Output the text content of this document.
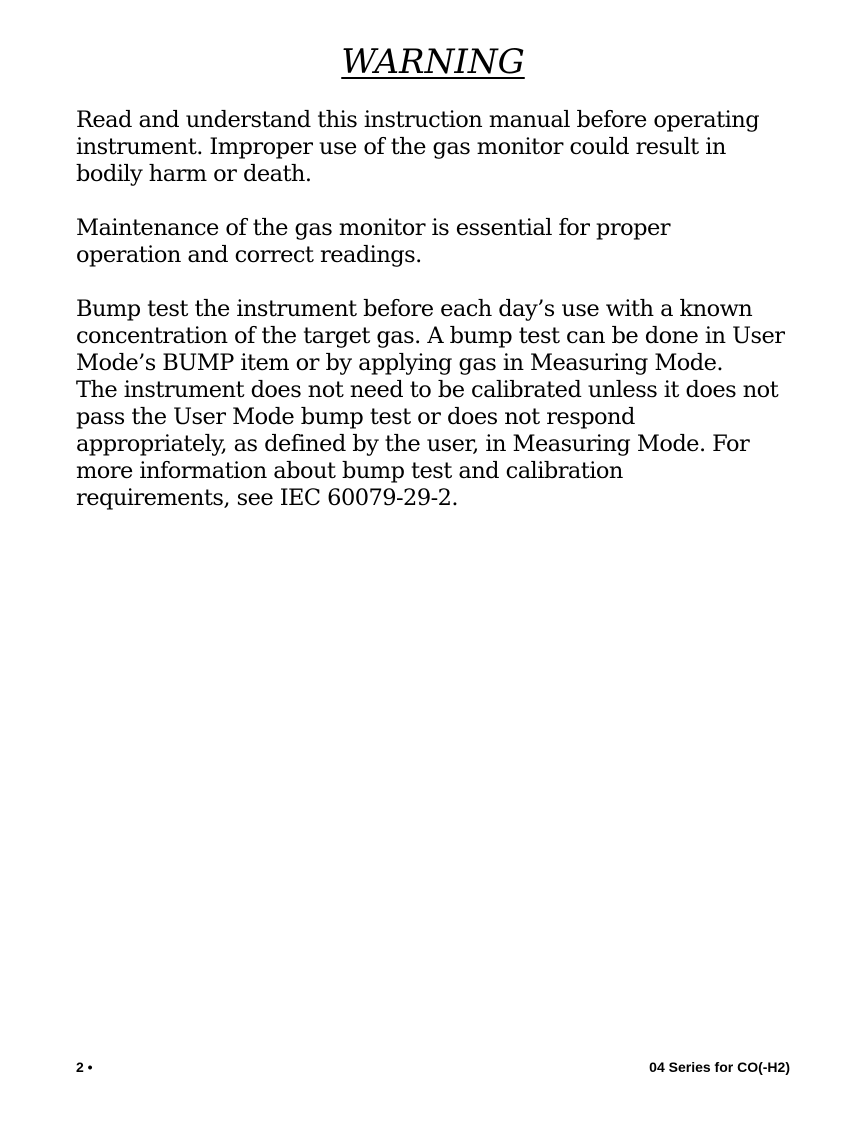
WARNING

Read and understand this instruction manual before operating
instrument. Improper use of the gas monitor could result in
bodily harm or death.

Maintenance of the gas monitor is essential for proper
operation and correct readings.

Bump test the instrument before each day’s use with a known
concentration of the target gas. A bump test can be done in User
Mode’s BUMP item or by applying gas in Measuring Mode.
The instrument does not need to be calibrated unless it does not
pass the User Mode bump test or does not respond
appropriately, as defined by the user, in Measuring Mode. For
more information about bump test and calibration
requirements, see IEC 60079-29-2.

2 •	04 Series for CO(-H2)
